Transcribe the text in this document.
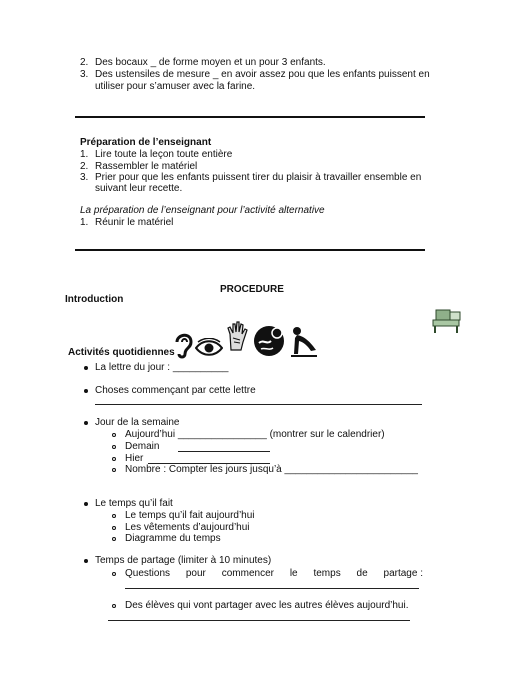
2. Des bocaux _ de forme moyen et un pour 3 enfants.
3. Des ustensiles de mesure _ en avoir assez pou que les enfants puissent en
utiliser pour s’amuser avec la farine.
Préparation de l’enseignant
1. Lire toute la leçon toute entière
2. Rassembler le matériel
3. Prier pour que les enfants puissent tirer du plaisir à travailler ensemble en
suivant leur recette.
La préparation de l’enseignant pour l’activité alternative
1. Réunir le matériel
PROCEDURE
Introduction
Activités quotidiennes
La lettre du jour : __________
Choses commençant par cette lettre
Jour de la semaine
Aujourd’hui ________________ (montrer sur le calendrier)
Demain
Hier
Nombre : Compter les jours jusqu’à ________________________
Le temps qu’il fait
Le temps qu’il fait aujourd’hui
Les vêtements d’aujourd’hui
Diagramme du temps
Temps de partage (limiter à 10 minutes)
Questions pour commencer le temps de partage :
Des élèves qui vont partager avec les autres élèves aujourd’hui.
